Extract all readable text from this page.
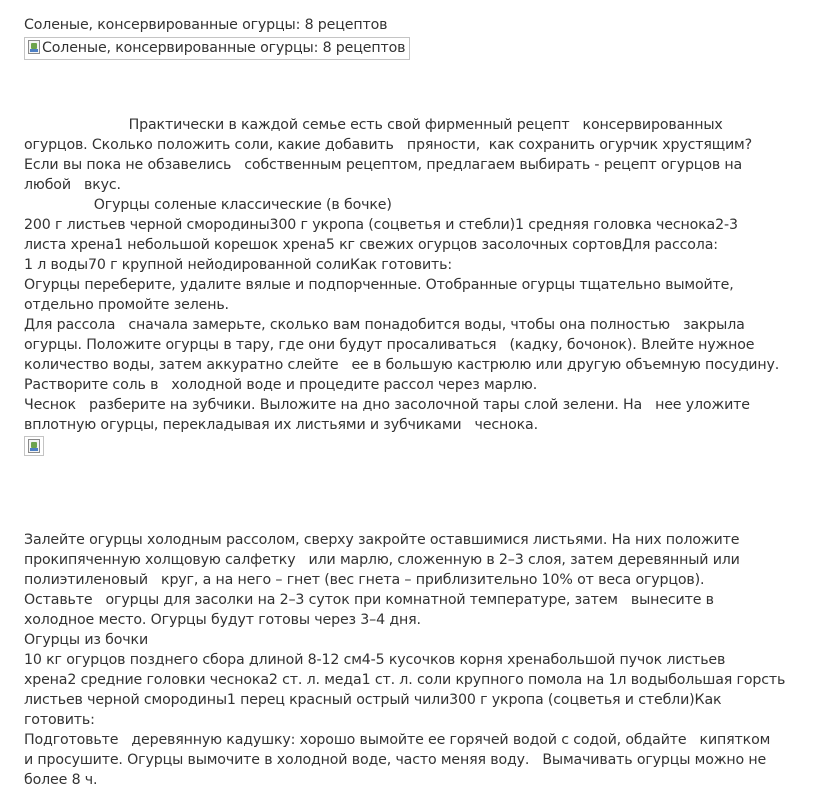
Соленые, консервированные огурцы: 8 рецептов
Соленые, консервированные огурцы: 8 рецептов
Практически в каждой семье есть свой фирменный рецепт   консервированных
огурцов. Сколько положить соли, какие добавить   пряности,  как сохранить огурчик хрустящим?
Если вы пока не обзавелись   собственным рецептом, предлагаем выбирать - рецепт огурцов на
любой   вкус.
Огурцы соленые классические (в бочке)
200 г листьев черной смородины300 г укропа (соцветья и стебли)1 средняя головка чеснока2-3
листа хрена1 небольшой корешок хрена5 кг свежих огурцов засолочных сортовДля рассола:
1 л воды70 г крупной нейодированной солиКак готовить:
Огурцы переберите, удалите вялые и подпорченные. Отобранные огурцы тщательно вымойте,
отдельно промойте зелень.
Для рассола   сначала замерьте, сколько вам понадобится воды, чтобы она полностью   закрыла
огурцы. Положите огурцы в тару, где они будут просаливаться   (кадку, бочонок). Влейте нужное
количество воды, затем аккуратно слейте   ее в большую кастрюлю или другую объемную посудину.
Растворите соль в   холодной воде и процедите рассол через марлю.
Чеснок   разберите на зубчики. Выложите на дно засолочной тары слой зелени. На   нее уложите
вплотную огурцы, перекладывая их листьями и зубчиками   чеснока.
Залейте огурцы холодным рассолом, сверху закройте оставшимися листьями. На них положите
прокипяченную холщовую салфетку   или марлю, сложенную в 2–3 слоя, затем деревянный или
полиэтиленовый   круг, а на него – гнет (вес гнета – приблизительно 10% от веса огурцов).
Оставьте   огурцы для засолки на 2–3 суток при комнатной температуре, затем   вынесите в
холодное место. Огурцы будут готовы через 3–4 дня.
Огурцы из бочки
10 кг огурцов позднего сбора длиной 8-12 см4-5 кусочков корня хренабольшой пучок листьев
хрена2 средние головки чеснока2 ст. л. меда1 ст. л. соли крупного помола на 1л водыбольшая горсть
листьев черной смородины1 перец красный острый чили300 г укропа (соцветья и стебли)Как
готовить:
Подготовьте   деревянную кадушку: хорошо вымойте ее горячей водой с содой, обдайте   кипятком
и просушите. Огурцы вымочите в холодной воде, часто меняя воду.   Вымачивать огурцы можно не
более 8 ч.
